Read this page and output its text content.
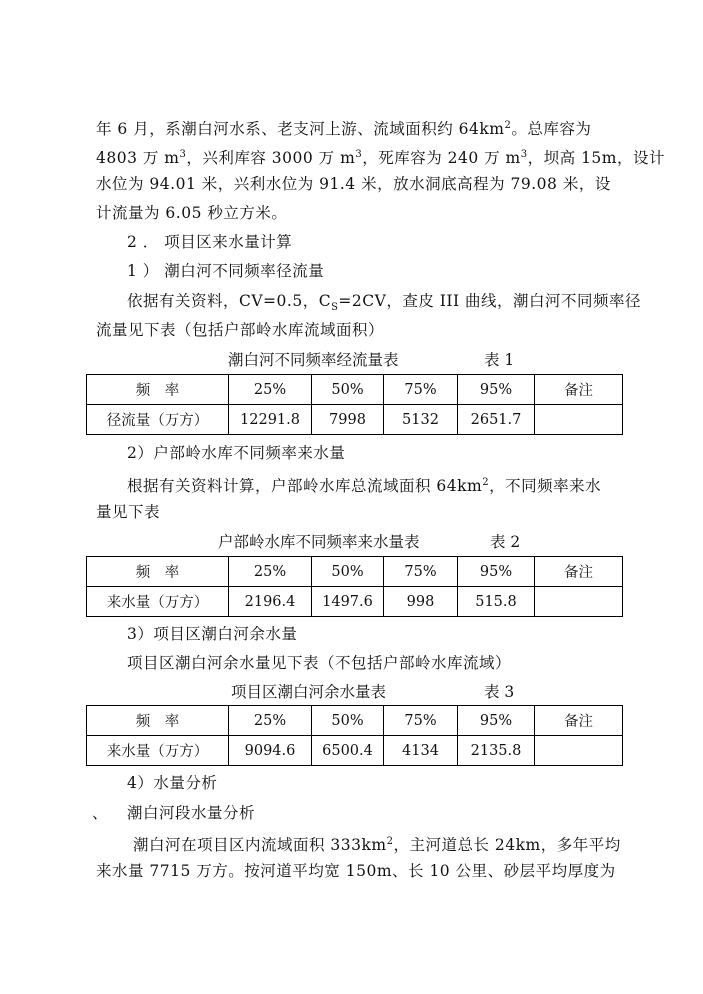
年 6 月，系潮白河水系、老支河上游、流域面积约 $64km^2$。总库容为
4803 万 $m^3$，兴利库容 3000 万 $m^3$，死库容为 240 万 $m^3$，坝高 15m，设计
水位为 94.01 米，兴利水位为 91.4 米，放水洞底高程为 79.08 米，设
计流量为 6.05 秒立方米。
2 ． 项目区来水量计算
1 ） 潮白河不同频率径流量
依据有关资料，CV=0.5，$C_S=2CV$，查皮 III 曲线，潮白河不同频率径
流量见下表（包括户部岭水库流域面积）
潮白河不同频率经流量表	表 1
频　率	25%	50%	75%	95%	备注
径流量（万方）	12291.8	7998	5132	2651.7	
2）户部岭水库不同频率来水量
根据有关资料计算，户部岭水库总流域面积 $64km^2$，不同频率来水
量见下表
户部岭水库不同频率来水量表	表 2
频　率	25%	50%	75%	95%	备注
来水量（万方）	2196.4	1497.6	998	515.8	
3）项目区潮白河余水量
项目区潮白河余水量见下表（不包括户部岭水库流域）
项目区潮白河余水量表	表 3
频　率	25%	50%	75%	95%	备注
来水量（万方）	9094.6	6500.4	4134	2135.8	
4）水量分析
、	潮白河段水量分析
潮白河在项目区内流域面积 $333km^2$，主河道总长 24km，多年平均
来水量 7715 万方。按河道平均宽 150m、长 10 公里、砂层平均厚度为
